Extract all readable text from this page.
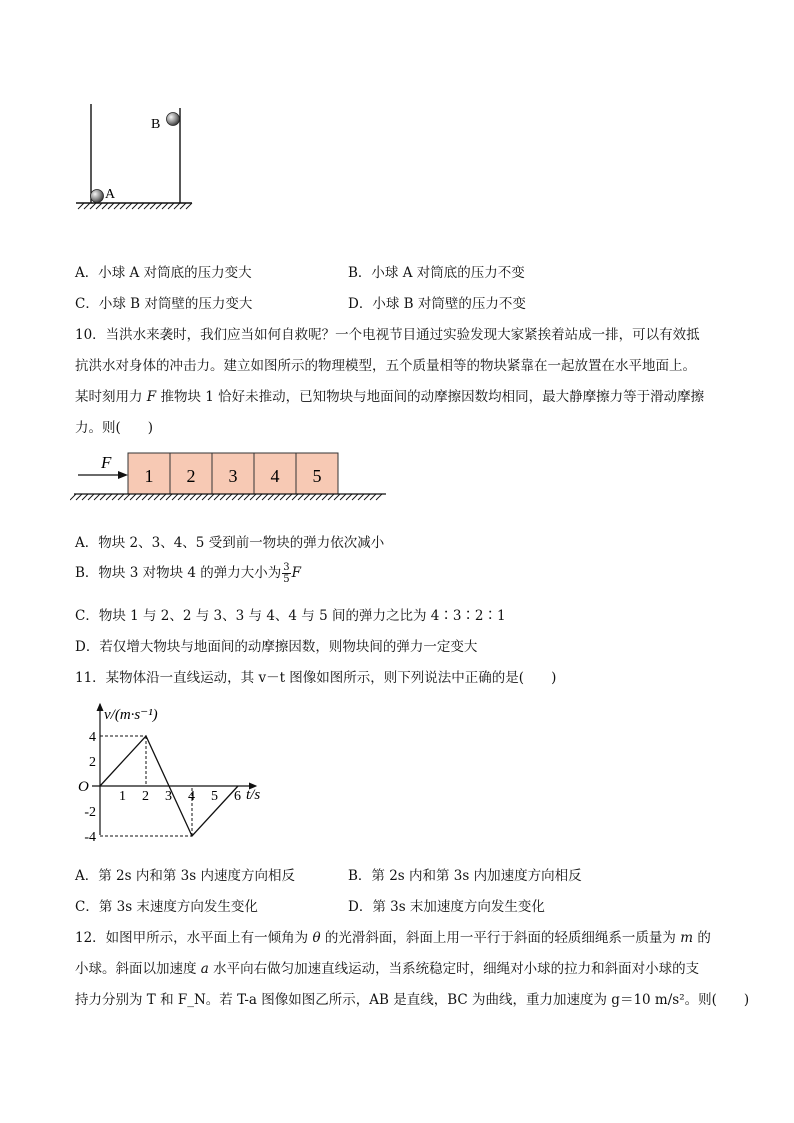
A
B
A．小球 A 对筒底的压力变大	B．小球 A 对筒底的压力不变
C．小球 B 对筒壁的压力变大	D．小球 B 对筒壁的压力不变
10．当洪水来袭时，我们应当如何自救呢？一个电视节目通过实验发现大家紧挨着站成一排，可以有效抵
抗洪水对身体的冲击力。建立如图所示的物理模型，五个质量相等的物块紧靠在一起放置在水平地面上。
某时刻用力 F 推物块 1 恰好未推动，已知物块与地面间的动摩擦因数均相同，最大静摩擦力等于滑动摩擦
力。则(　　)
F
1 2 3 4 5
A．物块 2、3、4、5 受到前一物块的弹力依次减小
B．物块 3 对物块 4 的弹力大小为 $\frac{3}{5}$ F
C．物块 1 与 2、2 与 3、3 与 4、4 与 5 间的弹力之比为 4∶3∶2∶1
D．若仅增大物块与地面间的动摩擦因数，则物块间的弹力一定变大
11．某物体沿一直线运动，其 v－t 图像如图所示，则下列说法中正确的是(　　)
v/(m·s⁻¹)
t/s
O
1 2 3 4 5 6
4
2
-2
-4
A．第 2s 内和第 3s 内速度方向相反	B．第 2s 内和第 3s 内加速度方向相反
C．第 3s 末速度方向发生变化	D．第 3s 末加速度方向发生变化
12．如图甲所示，水平面上有一倾角为 θ 的光滑斜面，斜面上用一平行于斜面的轻质细绳系一质量为 m 的
小球。斜面以加速度 a 水平向右做匀加速直线运动，当系统稳定时，细绳对小球的拉力和斜面对小球的支
持力分别为 T 和 F_N。若 T-a 图像如图乙所示，AB 是直线，BC 为曲线，重力加速度为 g＝10 m/s²。则(　　)
